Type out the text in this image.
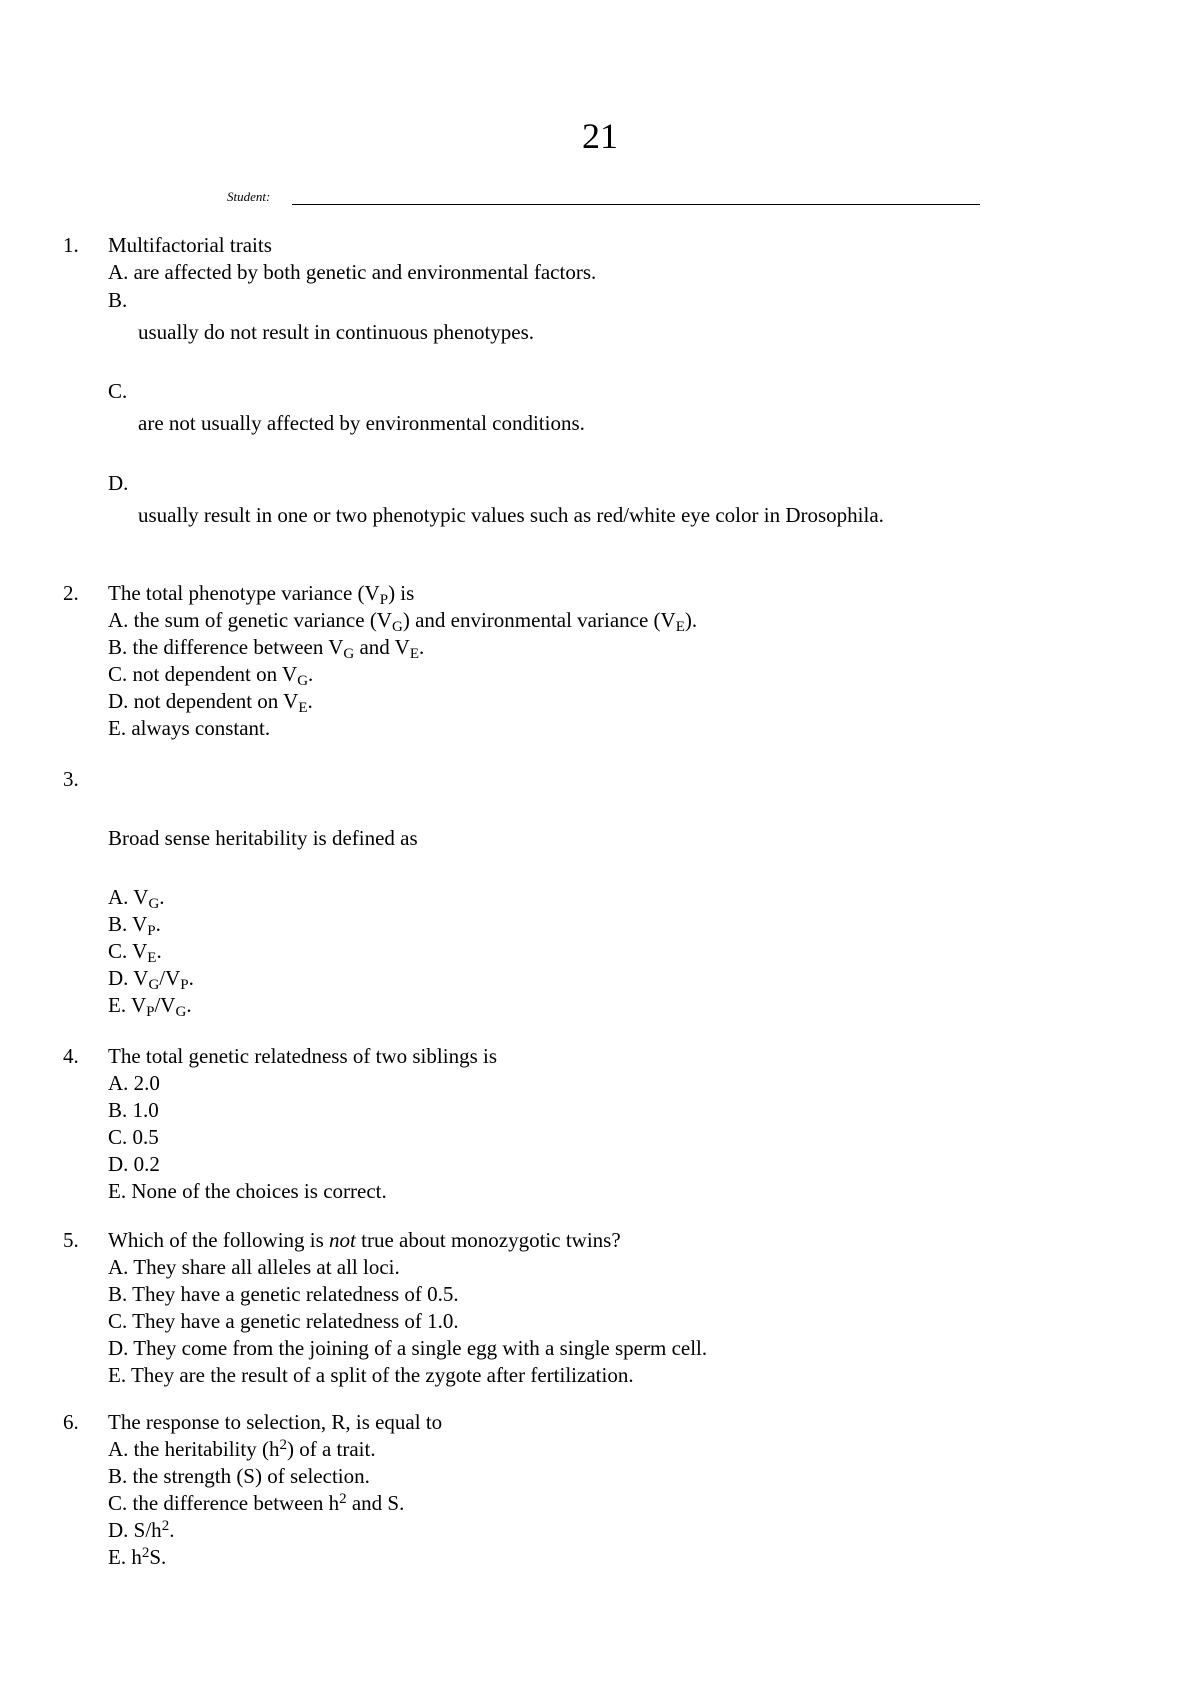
21
Student:
1. Multifactorial traits
A. are affected by both genetic and environmental factors.
B.
usually do not result in continuous phenotypes.
C.
are not usually affected by environmental conditions.
D.
usually result in one or two phenotypic values such as red/white eye color in Drosophila.
2. The total phenotype variance $(V_P)$ is
A. the sum of genetic variance $(V_G)$ and environmental variance $(V_E)$.
B. the difference between $V_G$ and $V_E$.
C. not dependent on $V_G$.
D. not dependent on $V_E$.
E. always constant.
3.
Broad sense heritability is defined as
A. $V_G$.
B. $V_P$.
C. $V_E$.
D. $V_G/V_P$.
E. $V_P/V_G$.
4. The total genetic relatedness of two siblings is
A. 2.0
B. 1.0
C. 0.5
D. 0.2
E. None of the choices is correct.
5. Which of the following is not true about monozygotic twins?
A. They share all alleles at all loci.
B. They have a genetic relatedness of 0.5.
C. They have a genetic relatedness of 1.0.
D. They come from the joining of a single egg with a single sperm cell.
E. They are the result of a split of the zygote after fertilization.
6. The response to selection, R, is equal to
A. the heritability $(h^2)$ of a trait.
B. the strength (S) of selection.
C. the difference between $h^2$ and S.
D. $S/h^2$.
E. $h^2S$.
